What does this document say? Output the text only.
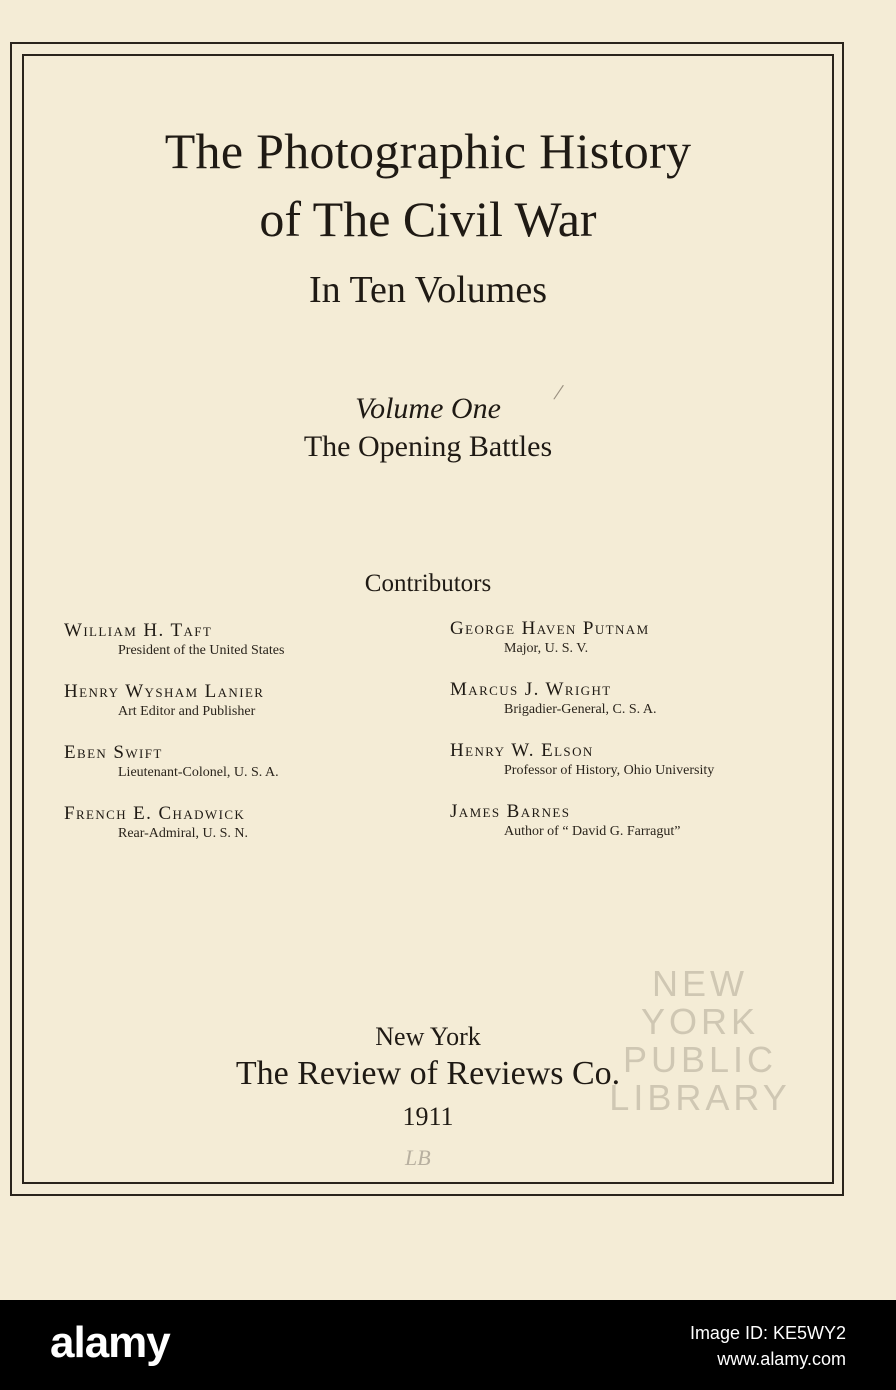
The Photographic History
of The Civil War
In Ten Volumes
Volume One	/
The Opening Battles
Contributors
William H. Taft
President of the United States
Henry Wysham Lanier
Art Editor and Publisher
Eben Swift
Lieutenant-Colonel, U. S. A.
French E. Chadwick
Rear-Admiral, U. S. N.
George Haven Putnam
Major, U. S. V.
Marcus J. Wright
Brigadier-General, C. S. A.
Henry W. Elson
Professor of History, Ohio University
James Barnes
Author of “ David G. Farragut”
NEW YORK
PUBLIC
LIBRARY
New York
The Review of Reviews Co.
1911
LB
alamy	Image ID: KE5WY2
www.alamy.com
